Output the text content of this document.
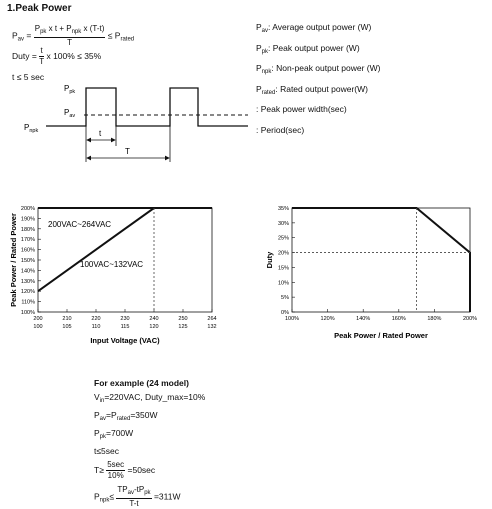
1.Peak Power
$P_{av} = \frac{P_{pk} x t + P_{npk} x (T-t)}{T} \le P_{rated}$
Duty = $\frac{t}{T}$ x 100% ≤ 35%
t ≤ 5 sec
$P_{av}$: Average output power (W)
$P_{pk}$: Peak output power (W)
$P_{npk}$: Non-peak output power (W)
$P_{rated}$: Rated output power(W)
: Peak power width(sec)
: Period(sec)
$P_{pk}$
$P_{av}$
$P_{npk}$	t
T
200%
190%
180%
170%
160%
150%
140%
130%
120%
110%
100%
200
100
210
105
220
110
230
115
240
120
250
125
264
132
Input Voltage (VAC)
Peak Power / Rated Power	200VAC~264VAC
100VAC~132VAC
35%
30%
25%
20%
15%
10%
5%
0%
100%	120%	140%	160%	180%	200%
Peak Power / Rated Power
Duty
For example (24 model)
$V_{in}=220VAC$, Duty_max=10%
$P_{av}=P_{rated}=350W$
$P_{pk}=700W$
t≤5sec
$T\ge \frac{5\sec}{10\%} =50\sec$
$P_{npk}\le \frac{TP_{av}-tP_{pk}}{T-t} =311W$
